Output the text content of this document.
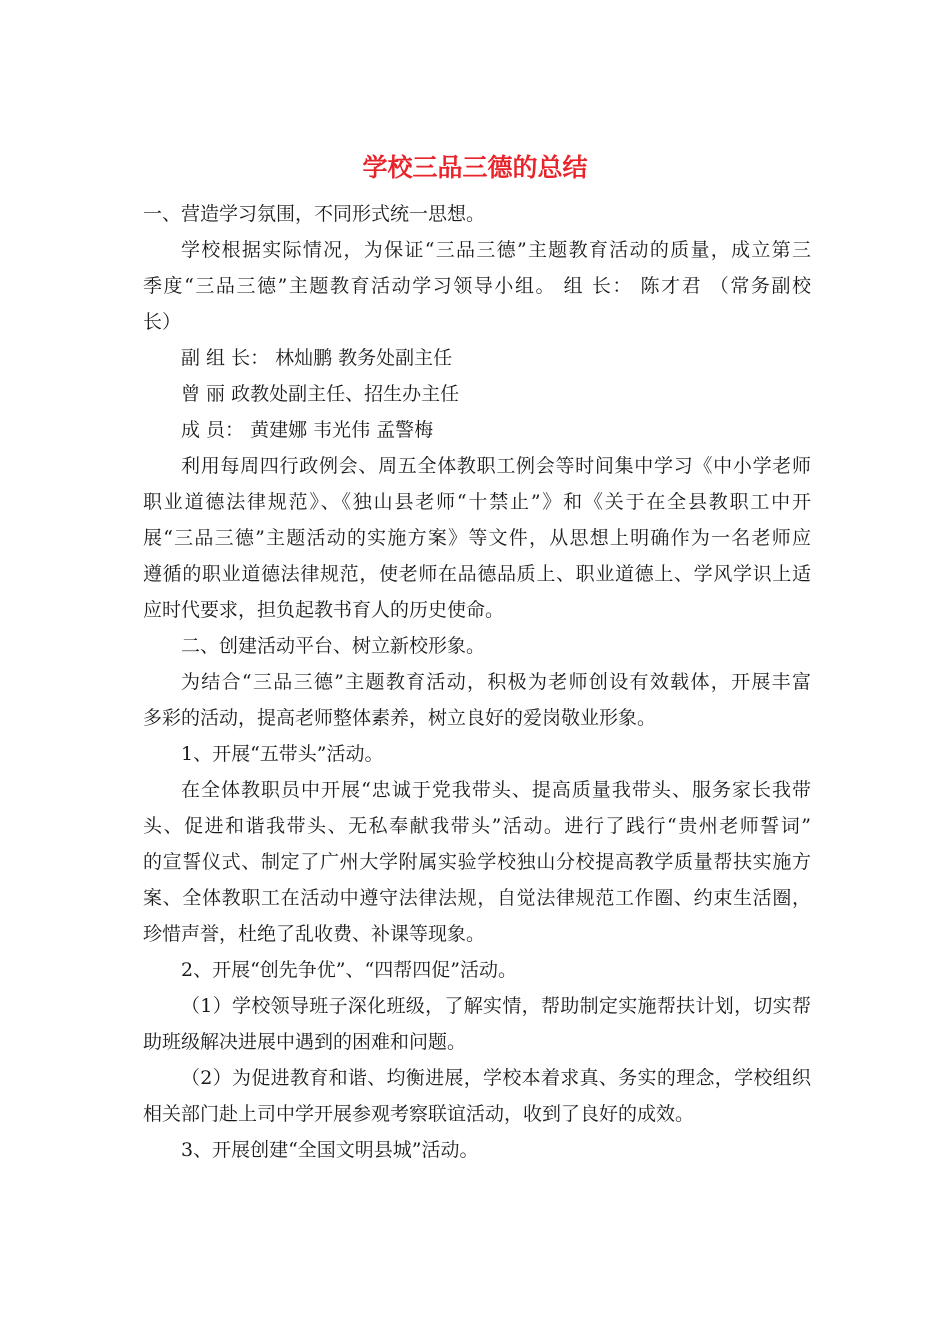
学校三品三德的总结
一、营造学习氛围，不同形式统一思想。
学校根据实际情况，为保证“三品三德”主题教育活动的质量，成立第三
季度“三品三德”主题教育活动学习领导小组。 组 长： 陈才君 （常务副校
长）
副 组 长： 林灿鹏 教务处副主任
曾 丽 政教处副主任、招生办主任
成 员： 黄建娜 韦光伟 孟警梅
利用每周四行政例会、周五全体教职工例会等时间集中学习《中小学老师
职业道德法律规范》、《独山县老师“十禁止”》和《关于在全县教职工中开
展“三品三德”主题活动的实施方案》等文件，从思想上明确作为一名老师应
遵循的职业道德法律规范，使老师在品德品质上、职业道德上、学风学识上适
应时代要求，担负起教书育人的历史使命。
二、创建活动平台、树立新校形象。
为结合“三品三德”主题教育活动，积极为老师创设有效载体，开展丰富
多彩的活动，提高老师整体素养，树立良好的爱岗敬业形象。
1、开展“五带头”活动。
在全体教职员中开展“忠诚于党我带头、提高质量我带头、服务家长我带
头、促进和谐我带头、无私奉献我带头”活动。进行了践行“贵州老师誓词”
的宣誓仪式、制定了广州大学附属实验学校独山分校提高教学质量帮扶实施方
案、全体教职工在活动中遵守法律法规，自觉法律规范工作圈、约束生活圈，
珍惜声誉，杜绝了乱收费、补课等现象。
2、开展“创先争优”、“四帮四促”活动。
（1）学校领导班子深化班级，了解实情，帮助制定实施帮扶计划，切实帮
助班级解决进展中遇到的困难和问题。
（2）为促进教育和谐、均衡进展，学校本着求真、务实的理念，学校组织
相关部门赴上司中学开展参观考察联谊活动，收到了良好的成效。
3、开展创建“全国文明县城”活动。
